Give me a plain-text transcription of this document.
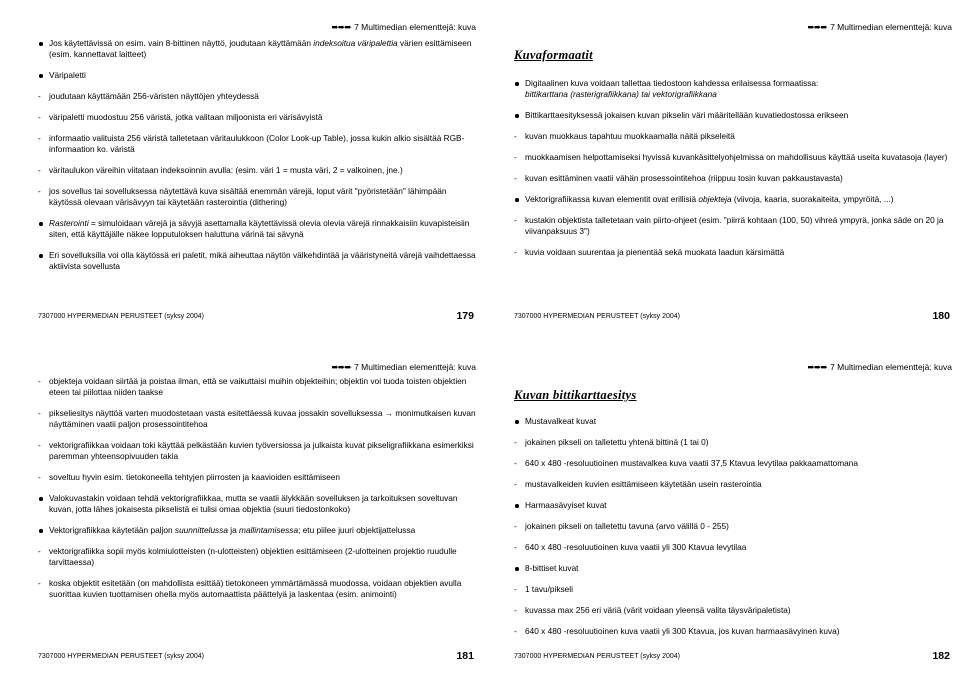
➨➨➨ 7 Multimedian elementtejä: kuva
Jos käytettävissä on esim. vain 8-bittinen näyttö, joudutaan käyttämään indeksoitua väripalettia värien esittämiseen (esim. kannettavat laitteet)
Väripaletti
- joudutaan käyttämään 256-väristen näyttöjen yhteydessä
- väripaletti muodostuu 256 väristä, jotka valitaan miljoonista eri värisävyistä
- informaatio valituista 256 väristä talletetaan väritaulukkoon (Color Look-up Table), jossa kukin alkio sisältää RGB-informaation ko. väristä
- väritaulukon väreihin viitataan indeksoinnin avulla: (esim. väri 1 = musta väri, 2 = valkoinen, jne.)
- jos sovellus tai sovelluksessa näytettävä kuva sisältää enemmän värejä, loput värit "pyöristetään" lähimpään käytössä olevaan värisävyyn tai käytetään rasterointia (dithering)
Rasterointi = simuloidaan värejä ja sävyjä asettamalla käytettävissä olevia olevia värejä rinnakkaisiin kuvapisteisiin siten, että käyttäjälle näkee lopputuloksen haluttuna värinä tai sävynä
Eri sovelluksilla voi olla käytössä eri paletit, mikä aiheuttaa näytön välkehdintää ja vääristyneitä värejä vaihdettaessa aktiivista sovellusta
7307000 HYPERMEDIAN PERUSTEET (syksy 2004)	179
➨➨➨ 7 Multimedian elementtejä: kuva
Kuvaformaatit
Digitaalinen kuva voidaan tallettaa tiedostoon kahdessa erilaisessa formaatissa:
bittikarttana (rasterigrafiikkana) tai vektorigrafiikkana
Bittikarttaesityksessä jokaisen kuvan pikselin väri määritellään kuvatiedostossa erikseen
- kuvan muokkaus tapahtuu muokkaamalla näitä pikseleitä
- muokkaamisen helpottamiseksi hyvissä kuvankäsittelyohjelmissa on mahdollisuus käyttää useita kuvatasoja (layer)
- kuvan esittäminen vaatii vähän prosessointitehoa (riippuu tosin kuvan pakkaustavasta)
Vektorigrafiikassa kuvan elementit ovat erillisiä objekteja (viivoja, kaaria, suorakaiteita, ympyröitä, ...)
- kustakin objektista talletetaan vain piirto-ohjeet (esim. "piirrä kohtaan (100, 50) vihreä ympyrä, jonka säde on 20 ja viivanpaksuus 3")
- kuvia voidaan suurentaa ja pienentää sekä muokata laadun kärsimättä
7307000 HYPERMEDIAN PERUSTEET (syksy 2004)	180
➨➨➨ 7 Multimedian elementtejä: kuva
- objekteja voidaan siirtää ja poistaa ilman, että se vaikuttaisi muihin objekteihin; objektin voi tuoda toisten objektien eteen tai piilottaa niiden taakse
- pikseliesitys näyttöä varten muodostetaan vasta esitettäessä kuvaa jossakin sovelluksessa → monimutkaisen kuvan näyttäminen vaatii paljon prosessointitehoa
- vektorigrafiikkaa voidaan toki käyttää pelkästään kuvien työversiossa ja julkaista kuvat pikseligrafiikkana esimerkiksi paremman yhteensopivuuden takia
- soveltuu hyvin esim. tietokoneella tehtyjen piirrosten ja kaavioiden esittämiseen
Valokuvastakin voidaan tehdä vektorigrafiikkaa, mutta se vaatii älykkään sovelluksen ja tarkoituksen soveltuvan kuvan, jotta lähes jokaisesta pikselistä ei tulisi omaa objektia (suuri tiedostonkoko)
Vektorigrafiikkaa käytetään paljon suunnittelussa ja mallintamisessa; etu piilee juuri objektijattelussa
- vektorigrafiikka sopii myös kolmiulotteisten (n-ulotteisten) objektien esittämiseen (2-ulotteinen projektio ruudulle tarvittaessa)
- koska objektit esitetään (on mahdollista esittää) tietokoneen ymmärtämässä muodossa, voidaan objektien avulla suorittaa kuvien tuottamisen ohella myös automaattista päättelyä ja laskentaa (esim. animointi)
7307000 HYPERMEDIAN PERUSTEET (syksy 2004)	181
➨➨➨ 7 Multimedian elementtejä: kuva
Kuvan bittikarttaesitys
Mustavalkeat kuvat
- jokainen pikseli on talletettu yhtenä bittinä (1 tai 0)
- 640 x 480 -resoluutioinen mustavalkea kuva vaatii 37,5 Ktavua levytilaa pakkaamattomana
- mustavalkeiden kuvien esittämiseen käytetään usein rasterointia
Harmaasävyiset kuvat
- jokainen pikseli on talletettu tavuna (arvo välillä 0 - 255)
- 640 x 480 -resoluutioinen kuva vaatii yli 300 Ktavua levytilaa
8-bittiset kuvat
- 1 tavu/pikseli
- kuvassa max 256 eri väriä (värit voidaan yleensä valita täysväripaletista)
- 640 x 480 -resoluutioinen kuva vaatii yli 300 Ktavua, jos kuvan harmaasävyinen kuva)
7307000 HYPERMEDIAN PERUSTEET (syksy 2004)	182
